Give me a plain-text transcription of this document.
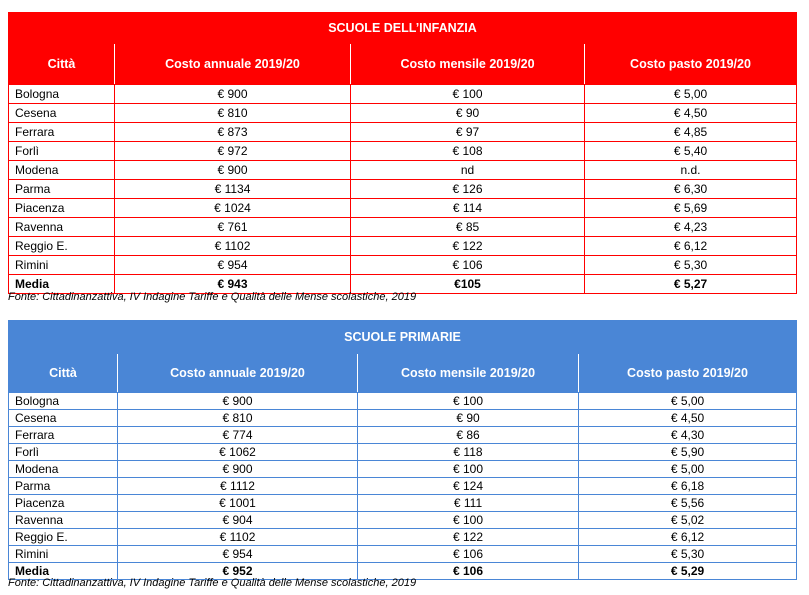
SCUOLE DELL’INFANZIA			
Città	Costo annuale 2019/20	Costo mensile 2019/20	Costo pasto 2019/20
Bologna	€ 900	€ 100	€ 5,00
Cesena	€ 810	€ 90	€ 4,50
Ferrara	€ 873	€ 97	€ 4,85
Forlì	€ 972	€ 108	€ 5,40
Modena	€ 900	nd	n.d.
Parma	€ 1134	€ 126	€ 6,30
Piacenza	€ 1024	€ 114	€ 5,69
Ravenna	€ 761	€ 85	€ 4,23
Reggio E.	€ 1102	€ 122	€ 6,12
Rimini	€ 954	€ 106	€ 5,30
Media	€ 943	€105	€ 5,27
Fonte: Cittadinanzattiva, IV Indagine Tariffe e Qualità delle Mense scolastiche, 2019
SCUOLE PRIMARIE			
Città	Costo annuale 2019/20	Costo mensile 2019/20	Costo pasto 2019/20
Bologna	€ 900	€ 100	€ 5,00
Cesena	€ 810	€ 90	€ 4,50
Ferrara	€ 774	€ 86	€ 4,30
Forlì	€ 1062	€ 118	€ 5,90
Modena	€ 900	€ 100	€ 5,00
Parma	€ 1112	€ 124	€ 6,18
Piacenza	€ 1001	€ 111	€ 5,56
Ravenna	€ 904	€ 100	€ 5,02
Reggio E.	€ 1102	€ 122	€ 6,12
Rimini	€ 954	€ 106	€ 5,30
Media	€ 952	€ 106	€ 5,29
Fonte: Cittadinanzattiva, IV Indagine Tariffe e Qualità delle Mense scolastiche, 2019
